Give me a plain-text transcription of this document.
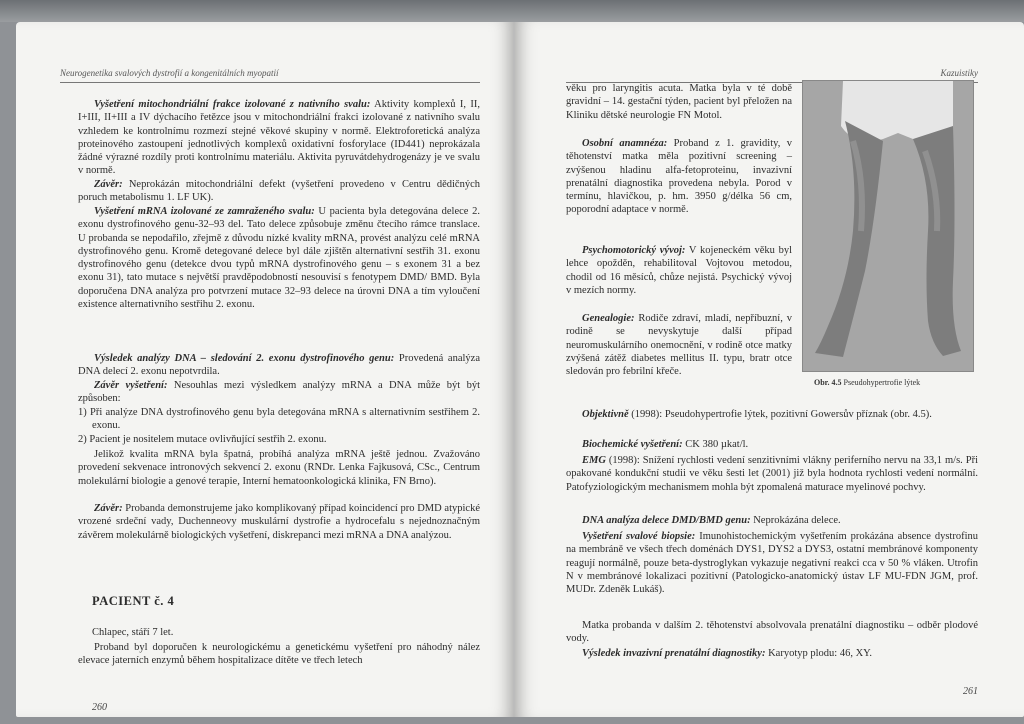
Neurogenetika svalových dystrofií a kongenitálních myopatií

Vyšetření mitochondriální frakce izolované z nativního svalu: Aktivity komplexů I, II, I+III, II+III a IV dýchacího řetězce jsou v mitochondriální frakci izolované z nativního svalu vzhledem ke kontrolnímu rozmezí stejné věkové skupiny v normě. Elektroforetická analýza proteinového zastoupení jednotlivých komplexů oxidativní fosforylace (ID441) neprokázala žádné výrazné rozdíly proti kontrolnímu materiálu. Aktivita pyruvátdehydrogenázy je ve svalu v normě.

Závěr: Neprokázán mitochondriální defekt (vyšetření provedeno v Centru dědičných poruch metabolismu 1. LF UK).

Vyšetření mRNA izolované ze zamraženého svalu: U pacienta byla detegována delece 2. exonu dystrofinového genu-32–93 del. Tato delece způsobuje změnu čtecího rámce translace. U probanda se nepodařilo, zřejmě z důvodu nízké kvality mRNA, provést analýzu celé mRNA dystrofinového genu. Kromě detegované delece byl dále zjištěn alternativní sestřih 31. exonu dystrofinového genu (detekce dvou typů mRNA dystrofinového genu – s exonem 31 a bez exonu 31), tato mutace s největší pravděpodobností nesouvisí s fenotypem DMD/ BMD. Byla doporučena DNA analýza pro potvrzení mutace 32–93 delece na úrovni DNA a tím vyloučení existence alternativního sestřihu 2. exonu.

Výsledek analýzy DNA – sledování 2. exonu dystrofinového genu: Provedená analýza DNA delecí 2. exonu nepotvrdila.

Závěr vyšetření: Nesouhlas mezi výsledkem analýzy mRNA a DNA může být být způsoben:

1) Při analýze DNA dystrofinového genu byla detegována mRNA s alternativním sestřihem 2. exonu.

2) Pacient je nositelem mutace ovlivňující sestřih 2. exonu.

Jelikož kvalita mRNA byla špatná, probíhá analýza mRNA ještě jednou. Zvažováno provedení sekvenace intronových sekvencí 2. exonu (RNDr. Lenka Fajkusová, CSc., Centrum molekulární biologie a genové terapie, Interní hematoonkologická klinika, FN Brno).

Závěr: Probanda demonstrujeme jako komplikovaný případ koincidencí pro DMD atypické vrozené srdeční vady, Duchenneovy muskulární dystrofie a hydrocefalu s nejednoznačným závěrem molekulárně biologických vyšetření, diskrepanci mezi mRNA a DNA analýzou.

PACIENT č. 4

Chlapec, stáří 7 let.

Proband byl doporučen k neurologickému a genetickému vyšetření pro náhodný nález elevace jaterních enzymů během hospitalizace dítěte ve třech letech

260
Kazuistiky

věku pro laryngitis acuta. Matka byla v té době gravidní – 14. gestační týden, pacient byl přeložen na Kliniku dětské neurologie FN Motol.

Osobní anamnéza: Proband z 1. gravidity, v těhotenství matka měla pozitivní screening – zvýšenou hladinu alfa-fetoproteinu, invazivní prenatální diagnostika provedena nebyla. Porod v termínu, hlavičkou, p. hm. 3950 g/délka 56 cm, poporodní adaptace v normě.

Psychomotorický vývoj: V kojeneckém věku byl lehce opožděn, rehabilitoval Vojtovou metodou, chodil od 16 měsíců, chůze nejistá. Psychický vývoj v mezích normy.

Genealogie: Rodiče zdraví, mladí, nepříbuzní, v rodině se nevyskytuje další případ neuromuskulárního onemocnění, v rodině otce matky zvýšená zátěž diabetes mellitus II. typu, bratr otce sledován pro febrilní křeče.

Obr. 4.5 Pseudohypertrofie lýtek

Objektivně (1998): Pseudohypertrofie lýtek, pozitivní Gowersův příznak (obr. 4.5).

Biochemické vyšetření: CK 380 µkat/l.

EMG (1998): Snížení rychlosti vedení senzitivními vlákny periferního nervu na 33,1 m/s. Při opakované kondukční studii ve věku šesti let (2001) již byla hodnota rychlosti vedení normální. Patofyziologickým mechanismem mohla být zpomalená maturace myelinové pochvy.

DNA analýza delece DMD/BMD genu: Neprokázána delece.

Vyšetření svalové biopsie: Imunohistochemickým vyšetřením prokázána absence dystrofinu na membráně ve všech třech doménách DYS1, DYS2 a DYS3, ostatní membránové komponenty reagují normálně, pouze beta-dystroglykan vykazuje negativní reakci cca v 50 % vláken. Utrofin N v membránové lokalizaci pozitivní (Patologicko-anatomický ústav LF MU-FDN JGM, prof. MUDr. Zdeněk Lukáš).

Matka probanda v dalším 2. těhotenství absolvovala prenatální diagnostiku – odběr plodové vody.

Výsledek invazivní prenatální diagnostiky: Karyotyp plodu: 46, XY.

261
